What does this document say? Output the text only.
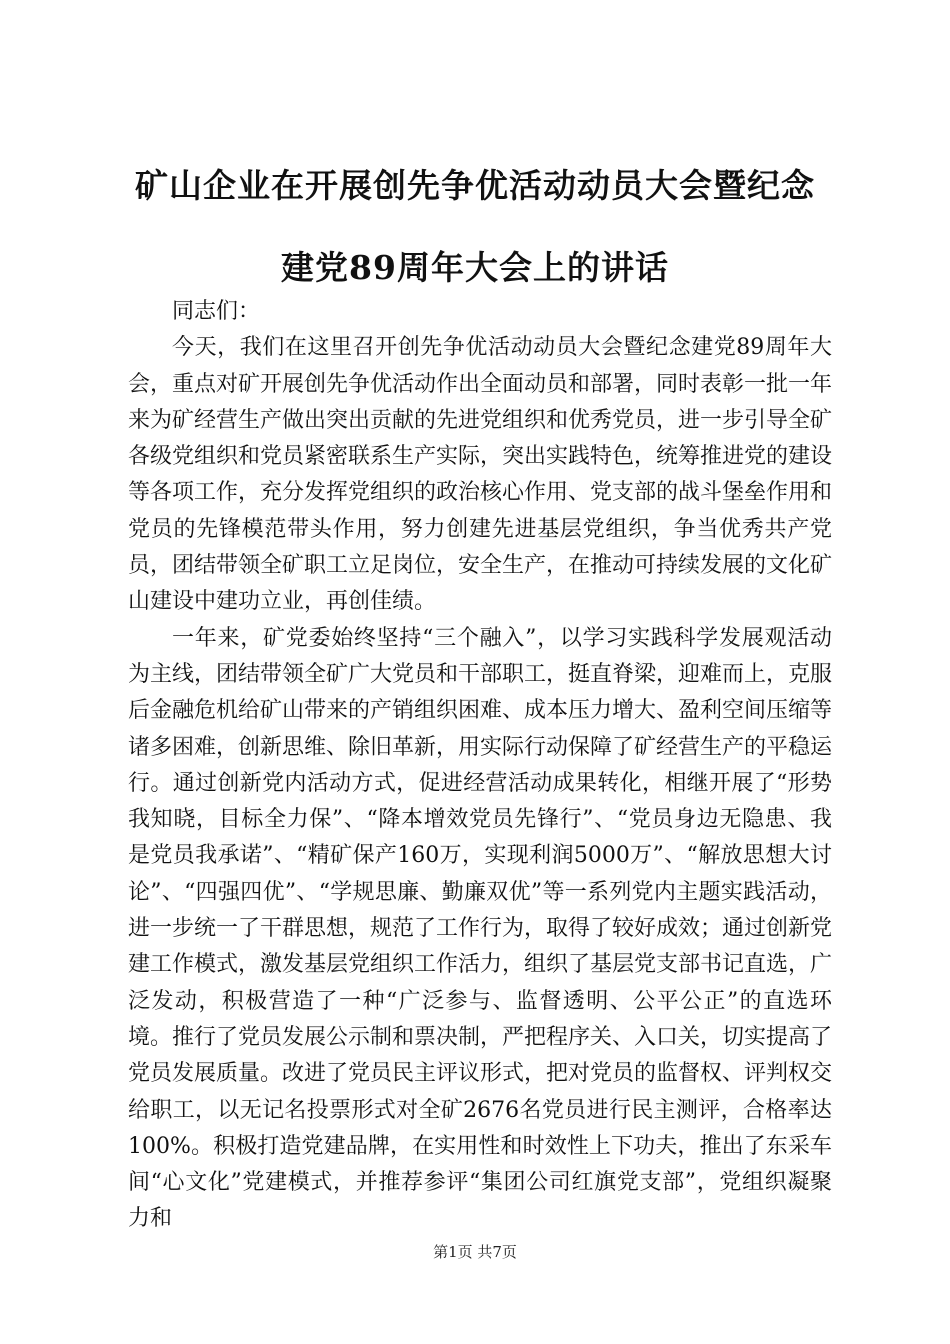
矿山企业在开展创先争优活动动员大会暨纪念
建党89周年大会上的讲话

同志们：

今天，我们在这里召开创先争优活动动员大会暨纪念建党89周年大会，重点对矿开展创先争优活动作出全面动员和部署，同时表彰一批一年来为矿经营生产做出突出贡献的先进党组织和优秀党员，进一步引导全矿各级党组织和党员紧密联系生产实际，突出实践特色，统筹推进党的建设等各项工作，充分发挥党组织的政治核心作用、党支部的战斗堡垒作用和党员的先锋模范带头作用，努力创建先进基层党组织，争当优秀共产党员，团结带领全矿职工立足岗位，安全生产，在推动可持续发展的文化矿山建设中建功立业，再创佳绩。

一年来，矿党委始终坚持“三个融入”，以学习实践科学发展观活动为主线，团结带领全矿广大党员和干部职工，挺直脊梁，迎难而上，克服后金融危机给矿山带来的产销组织困难、成本压力增大、盈利空间压缩等诸多困难，创新思维、除旧革新，用实际行动保障了矿经营生产的平稳运行。通过创新党内活动方式，促进经营活动成果转化，相继开展了“形势我知晓，目标全力保”、“降本增效党员先锋行”、“党员身边无隐患、我是党员我承诺”、“精矿保产160万，实现利润5000万”、“解放思想大讨论”、“四强四优”、“学规思廉、勤廉双优”等一系列党内主题实践活动，进一步统一了干群思想，规范了工作行为，取得了较好成效；通过创新党建工作模式，激发基层党组织工作活力，组织了基层党支部书记直选，广泛发动，积极营造了一种“广泛参与、监督透明、公平公正”的直选环境。推行了党员发展公示制和票决制，严把程序关、入口关，切实提高了党员发展质量。改进了党员民主评议形式，把对党员的监督权、评判权交给职工，以无记名投票形式对全矿2676名党员进行民主测评，合格率达100%。积极打造党建品牌，在实用性和时效性上下功夫，推出了东采车间“心文化”党建模式，并推荐参评“集团公司红旗党支部”，党组织凝聚力和

第1页 共7页
